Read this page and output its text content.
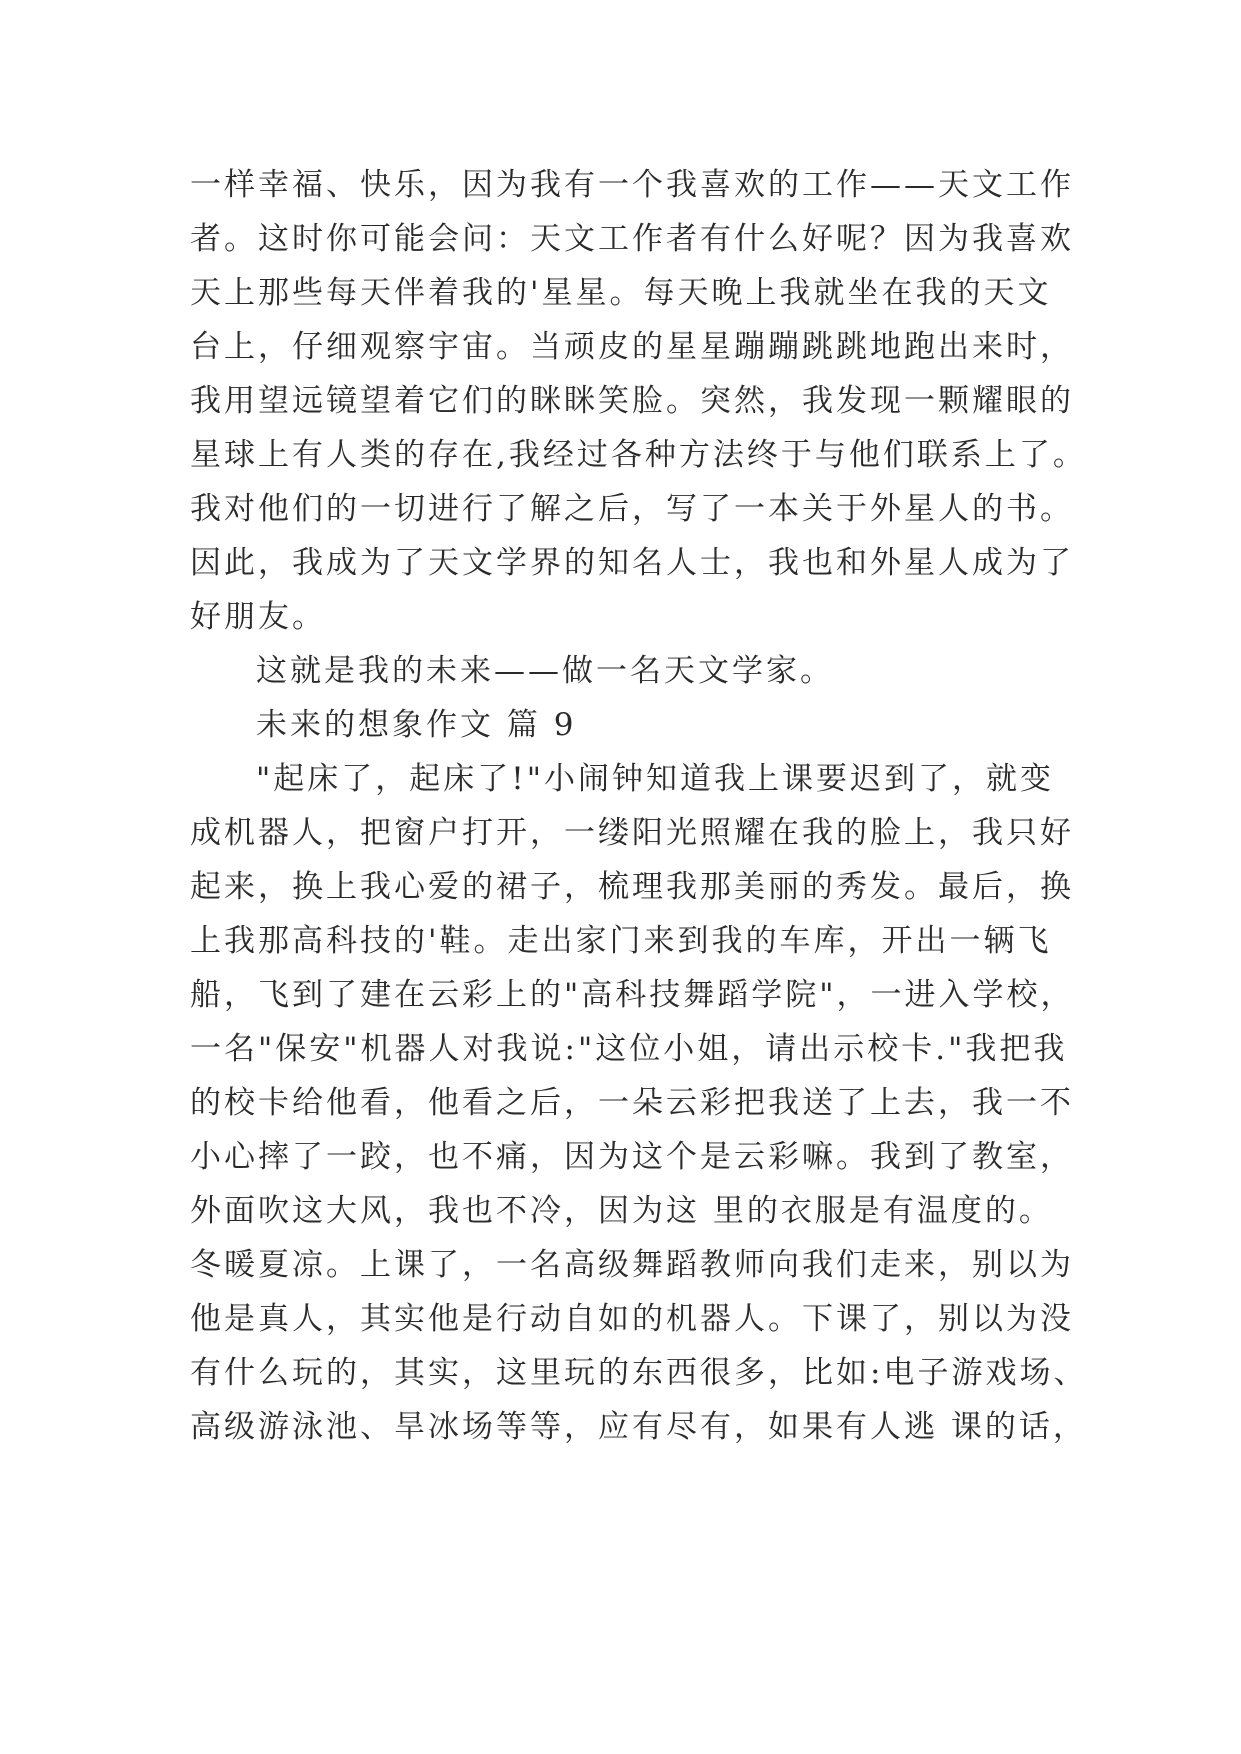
一样幸福、快乐，因为我有一个我喜欢的工作——天文工作
者。这时你可能会问：天文工作者有什么好呢？因为我喜欢
天上那些每天伴着我的'星星。每天晚上我就坐在我的天文
台上，仔细观察宇宙。当顽皮的星星蹦蹦跳跳地跑出来时，
我用望远镜望着它们的眯眯笑脸。突然，我发现一颗耀眼的
星球上有人类的存在,我经过各种方法终于与他们联系上了。
我对他们的一切进行了解之后，写了一本关于外星人的书。
因此，我成为了天文学界的知名人士，我也和外星人成为了
好朋友。
这就是我的未来——做一名天文学家。
未来的想象作文 篇 9
"起床了，起床了!"小闹钟知道我上课要迟到了，就变
成机器人，把窗户打开，一缕阳光照耀在我的脸上，我只好
起来，换上我心爱的裙子，梳理我那美丽的秀发。最后，换
上我那高科技的'鞋。走出家门来到我的车库，开出一辆飞
船，飞到了建在云彩上的"高科技舞蹈学院"，一进入学校，
一名"保安"机器人对我说:"这位小姐，请出示校卡."我把我
的校卡给他看，他看之后，一朵云彩把我送了上去，我一不
小心摔了一跤，也不痛，因为这个是云彩嘛。我到了教室，
外面吹这大风，我也不冷，因为这 里的衣服是有温度的。
冬暖夏凉。上课了，一名高级舞蹈教师向我们走来，别以为
他是真人，其实他是行动自如的机器人。下课了，别以为没
有什么玩的，其实，这里玩的东西很多，比如:电子游戏场、
高级游泳池、旱冰场等等，应有尽有，如果有人逃 课的话，
